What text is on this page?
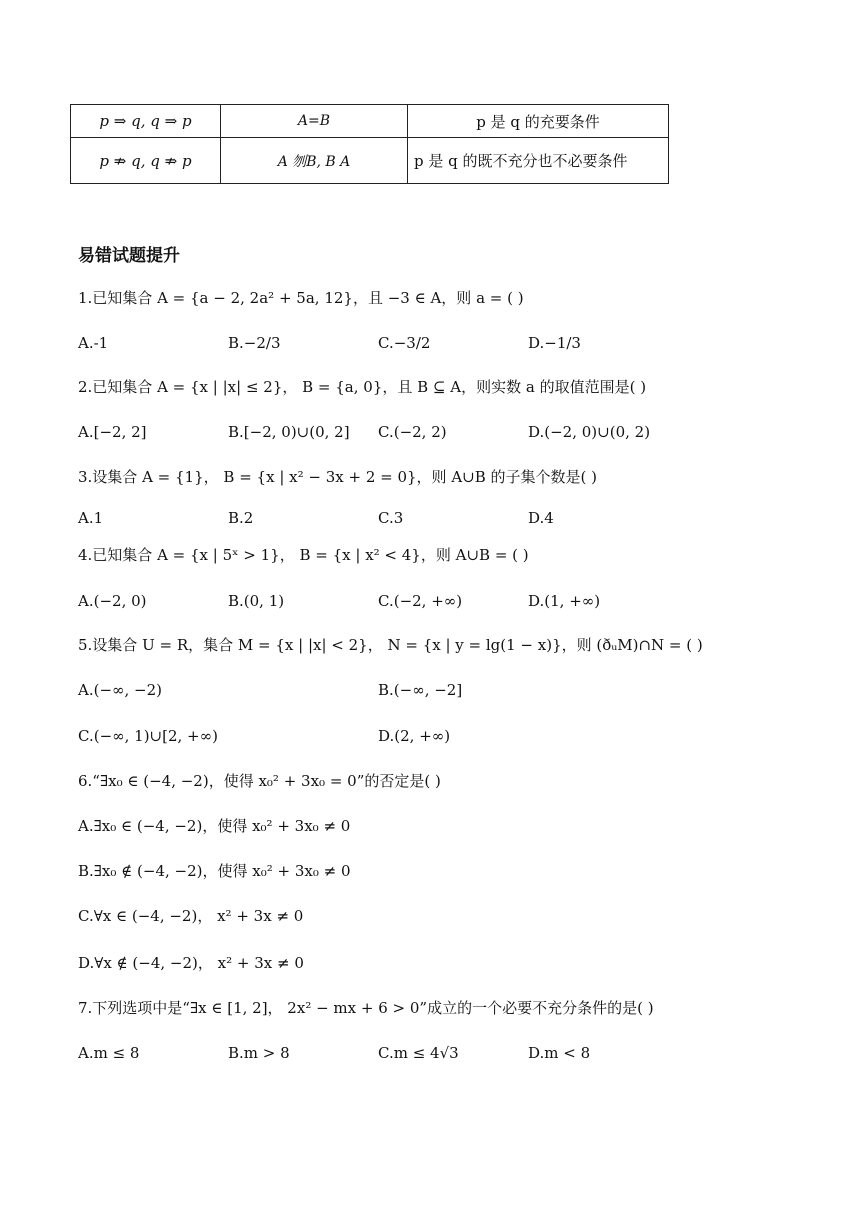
p ⇒ q, q ⇒ p	A=B	p 是 q 的充要条件
p ⇏ q, q ⇏ p	A 刎B, B A	p 是 q 的既不充分也不必要条件
易错试题提升
1.已知集合 A = {a − 2, 2a² + 5a, 12}，且 −3 ∈ A，则 a = ( )
A.-1	B.−2/3	C.−3/2	D.−1/3
2.已知集合 A = {x | |x| ≤ 2}， B = {a, 0}，且 B ⊆ A，则实数 a 的取值范围是( )
A.[−2, 2]	B.[−2, 0)∪(0, 2] C.(−2, 2)	D.(−2, 0)∪(0, 2)
3.设集合 A = {1}， B = {x | x² − 3x + 2 = 0}，则 A∪B 的子集个数是( )
A.1	B.2	C.3	D.4
4.已知集合 A = {x | 5ˣ > 1}， B = {x | x² < 4}，则 A∪B = ( )
A.(−2, 0)	B.(0, 1)	C.(−2, +∞)	D.(1, +∞)
5.设集合 U = R，集合 M = {x | |x| < 2}， N = {x | y = lg(1 − x)}，则 (ðᵤM)∩N = ( )
A.(−∞, −2)	B.(−∞, −2]
C.(−∞, 1)∪[2, +∞)	D.(2, +∞)
6.“∃x₀ ∈ (−4, −2)，使得 x₀² + 3x₀ = 0”的否定是( )
A.∃x₀ ∈ (−4, −2)，使得 x₀² + 3x₀ ≠ 0
B.∃x₀ ∉ (−4, −2)，使得 x₀² + 3x₀ ≠ 0
C.∀x ∈ (−4, −2)， x² + 3x ≠ 0
D.∀x ∉ (−4, −2)， x² + 3x ≠ 0
7.下列选项中是“∃x ∈ [1, 2]， 2x² − mx + 6 > 0”成立的一个必要不充分条件的是( )
A.m ≤ 8	B.m > 8	C.m ≤ 4√3	D.m < 8
